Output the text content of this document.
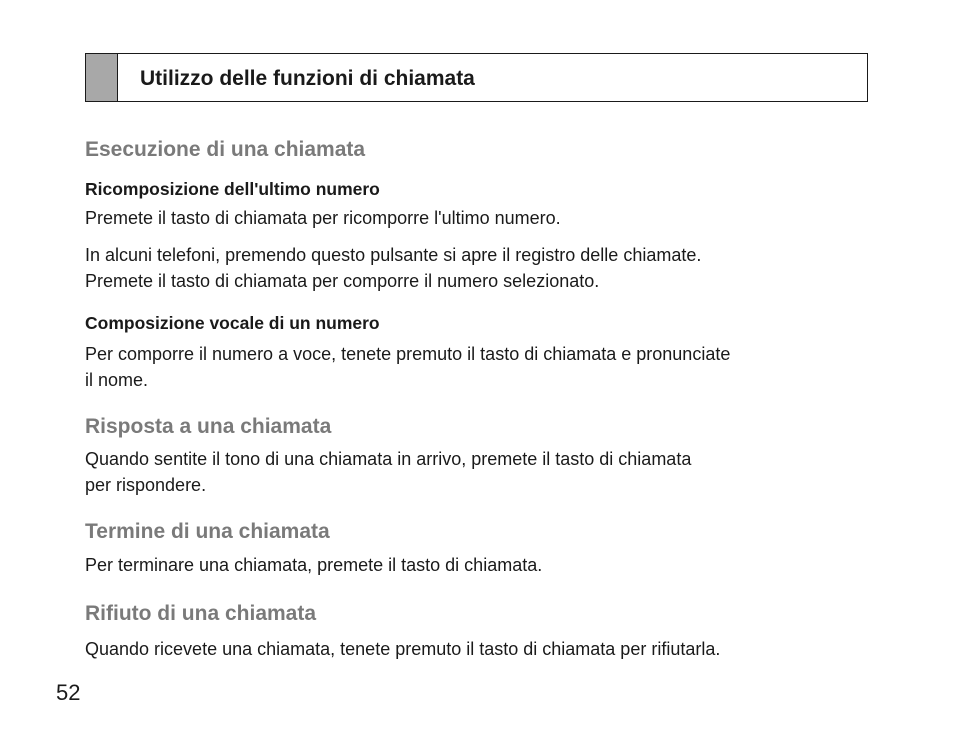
Utilizzo delle funzioni di chiamata
Esecuzione di una chiamata
Ricomposizione dell'ultimo numero

Premete il tasto di chiamata per ricomporre l'ultimo numero.

In alcuni telefoni, premendo questo pulsante si apre il registro delle chiamate.

Premete il tasto di chiamata per comporre il numero selezionato.

Composizione vocale di un numero

Per comporre il numero a voce, tenete premuto il tasto di chiamata e pronunciate

il nome.

Risposta a una chiamata

Quando sentite il tono di una chiamata in arrivo, premete il tasto di chiamata

per rispondere.

Termine di una chiamata

Per terminare una chiamata, premete il tasto di chiamata.

Rifiuto di una chiamata

Quando ricevete una chiamata, tenete premuto il tasto di chiamata per rifiutarla.

52
